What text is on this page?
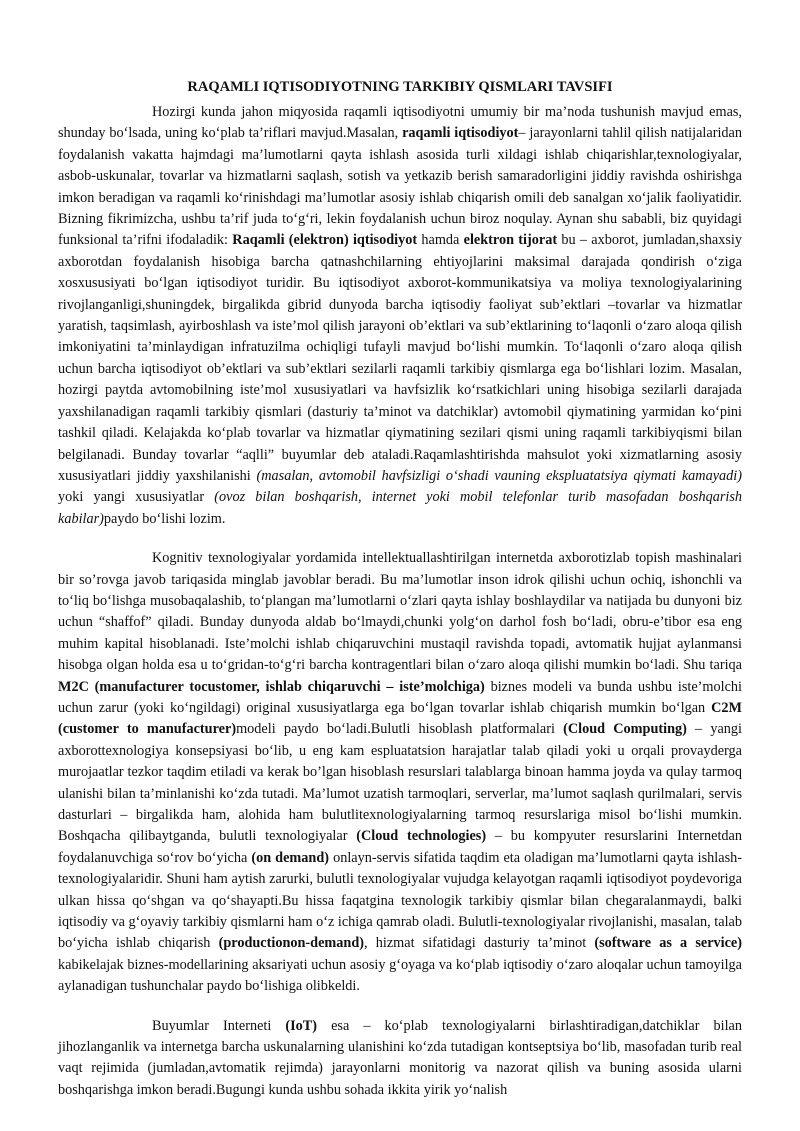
RAQAMLI IQTISODIYOTNING TARKIBIY QISMLARI TAVSIFI

Hozirgi kunda jahon miqyosida raqamli iqtisodiyotni umumiy bir ma’noda tushunish mavjud emas, shunday bo‘lsada, uning ko‘plab ta’riflari mavjud.Masalan, raqamli iqtisodiyot– jarayonlarni tahlil qilish natijalaridan foydalanish vakatta hajmdagi ma’lumotlarni qayta ishlash asosida turli xildagi ishlab chiqarishlar,texnologiyalar, asbob-uskunalar, tovarlar va hizmatlarni saqlash, sotish va yetkazib berish samaradorligini jiddiy ravishda oshirishga imkon beradigan va raqamli ko‘rinishdagi ma’lumotlar asosiy ishlab chiqarish omili deb sanalgan xo‘jalik faoliyatidir. Bizning fikrimizcha, ushbu ta’rif juda to‘g‘ri, lekin foydalanish uchun biroz noqulay. Aynan shu sababli, biz quyidagi funksional ta’rifni ifodaladik: Raqamli (elektron) iqtisodiyot hamda elektron tijorat bu – axborot, jumladan,shaxsiy axborotdan foydalanish hisobiga barcha qatnashchilarning ehtiyojlarini maksimal darajada qondirish o‘ziga xosxususiyati bo‘lgan iqtisodiyot turidir. Bu iqtisodiyot axborot-kommunikatsiya va moliya texnologiyalarining rivojlanganligi,shuningdek, birgalikda gibrid dunyoda barcha iqtisodiy faoliyat sub’ektlari –tovarlar va hizmatlar yaratish, taqsimlash, ayirboshlash va iste’mol qilish jarayoni ob’ektlari va sub’ektlarining to‘laqonli o‘zaro aloqa qilish imkoniyatini ta’minlaydigan infratuzilma ochiqligi tufayli mavjud bo‘lishi mumkin. To‘laqonli o‘zaro aloqa qilish uchun barcha iqtisodiyot ob’ektlari va sub’ektlari sezilarli raqamli tarkibiy qismlarga ega bo‘lishlari lozim. Masalan, hozirgi paytda avtomobilning iste’mol xususiyatlari va havfsizlik ko‘rsatkichlari uning hisobiga sezilarli darajada yaxshilanadigan raqamli tarkibiy qismlari (dasturiy ta’minot va datchiklar) avtomobil qiymatining yarmidan ko‘pini tashkil qiladi. Kelajakda ko‘plab tovarlar va hizmatlar qiymatining sezilari qismi uning raqamli tarkibiyqismi bilan belgilanadi. Bunday tovarlar “aqlli” buyumlar deb ataladi.Raqamlashtirishda mahsulot yoki xizmatlarning asosiy xususiyatlari jiddiy yaxshilanishi (masalan, avtomobil havfsizligi o‘shadi vauning ekspluatatsiya qiymati kamayadi) yoki yangi xususiyatlar (ovoz bilan boshqarish, internet yoki mobil telefonlar turib masofadan boshqarish kabilar)paydo bo‘lishi lozim.

Kognitiv texnologiyalar yordamida intellektuallashtirilgan internetda axborotizlab topish mashinalari bir so’rovga javob tariqasida minglab javoblar beradi. Bu ma’lumotlar inson idrok qilishi uchun ochiq, ishonchli va to‘liq bo‘lishga musobaqalashib, to‘plangan ma’lumotlarni o‘zlari qayta ishlay boshlaydilar va natijada bu dunyoni biz uchun “shaffof” qiladi. Bunday dunyoda aldab bo‘lmaydi,chunki yolg‘on darhol fosh bo‘ladi, obru-e’tibor esa eng muhim kapital hisoblanadi. Iste’molchi ishlab chiqaruvchini mustaqil ravishda topadi, avtomatik hujjat aylanmansi hisobga olgan holda esa u to‘gridan-to‘g‘ri barcha kontragentlari bilan o‘zaro aloqa qilishi mumkin bo‘ladi. Shu tariqa M2C (manufacturer tocustomer, ishlab chiqaruvchi – iste’molchiga) biznes modeli va bunda ushbu iste’molchi uchun zarur (yoki ko‘ngildagi) original xususiyatlarga ega bo‘lgan tovarlar ishlab chiqarish mumkin bo‘lgan C2M (customer to manufacturer)modeli paydo bo‘ladi.Bulutli hisoblash platformalari (Cloud Computing) – yangi axborottexnologiya konsepsiyasi bo‘lib, u eng kam espluatatsion harajatlar talab qiladi yoki u orqali provayderga murojaatlar tezkor taqdim etiladi va kerak bo’lgan hisoblash resurslari talablarga binoan hamma joyda va qulay tarmoq ulanishi bilan ta’minlanishi ko‘zda tutadi. Ma’lumot uzatish tarmoqlari, serverlar, ma’lumot saqlash qurilmalari, servis dasturlari – birgalikda ham, alohida ham bulutlitexnologiyalarning tarmoq resurslariga misol bo‘lishi mumkin. Boshqacha qilibaytganda, bulutli texnologiyalar (Cloud technologies) – bu kompyuter resurslarini Internetdan foydalanuvchiga so‘rov bo‘yicha (on demand) onlayn-servis sifatida taqdim eta oladigan ma’lumotlarni qayta ishlash-texnologiyalaridir. Shuni ham aytish zarurki, bulutli texnologiyalar vujudga kelayotgan raqamli iqtisodiyot poydevoriga ulkan hissa qo‘shgan va qo‘shayapti.Bu hissa faqatgina texnologik tarkibiy qismlar bilan chegaralanmaydi, balki iqtisodiy va g‘oyaviy tarkibiy qismlarni ham o‘z ichiga qamrab oladi. Bulutli-texnologiyalar rivojlanishi, masalan, talab bo‘yicha ishlab chiqarish (productionon-demand), hizmat sifatidagi dasturiy ta’minot (software as a service) kabikelajak biznes-modellarining aksariyati uchun asosiy g‘oyaga va ko‘plab iqtisodiy o‘zaro aloqalar uchun tamoyilga aylanadigan tushunchalar paydo bo‘lishiga olibkeldi.

Buyumlar Interneti (IoT) esa – ko‘plab texnologiyalarni birlashtiradigan,datchiklar bilan jihozlanganlik va internetga barcha uskunalarning ulanishini ko‘zda tutadigan kontseptsiya bo‘lib, masofadan turib real vaqt rejimida (jumladan,avtomatik rejimda) jarayonlarni monitorig va nazorat qilish va buning asosida ularni boshqarishga imkon beradi.Bugungi kunda ushbu sohada ikkita yirik yo‘nalish
